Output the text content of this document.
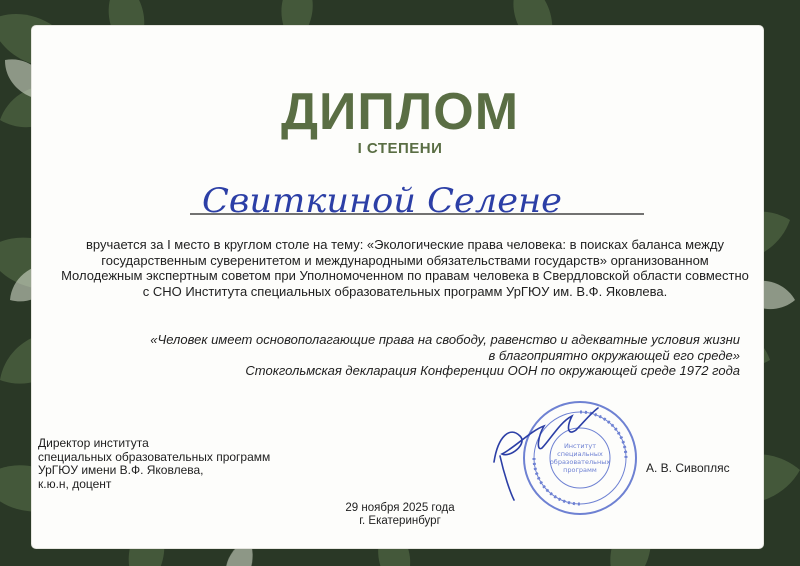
ДИПЛОМ
I СТЕПЕНИ
Свиткиной Селене
вручается за I место в круглом столе на тему: «Экологические права человека: в поисках баланса между государственным суверенитетом и международными обязательствами государств» организованном Молодежным экспертным советом при Уполномоченном по правам человека в Свердловской области совместно с СНО Института специальных образовательных программ УрГЮУ им. В.Ф. Яковлева.
«Человек имеет основополагающие права на свободу, равенство и адекватные условия жизни
в благоприятно окружающей его среде»
Стокгольмская декларация Конференции ООН по окружающей среде 1972 года
Директор института
специальных образовательных программ
УрГЮУ имени В.Ф. Яковлева,
к.ю.н, доцент
Институт
специальных
образовательных
программ	А. В. Сивопляс
29 ноября 2025 года
г. Екатеринбург
